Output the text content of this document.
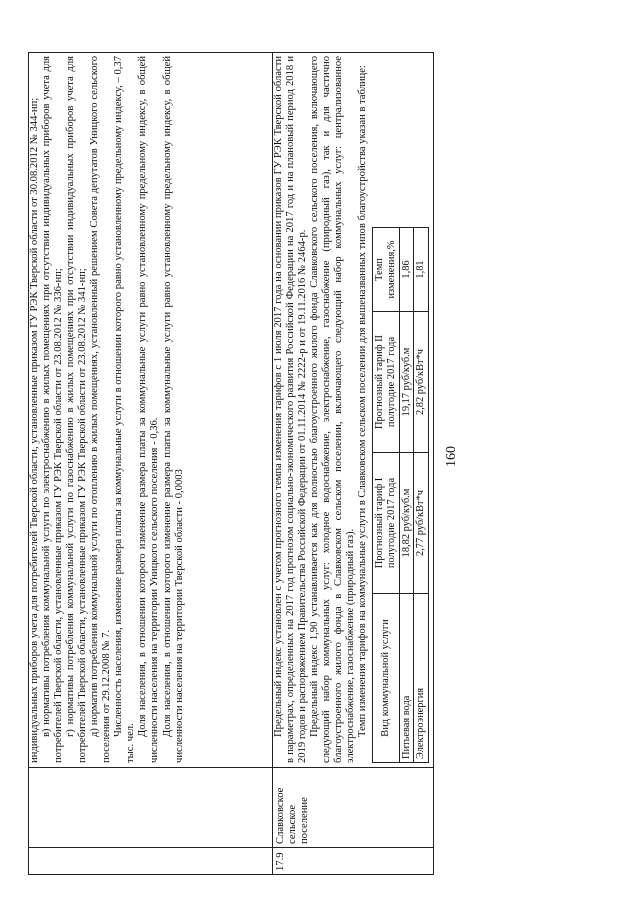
160

индивидуальных приборов учета для потребителей Тверской области, установленные приказом ГУ РЭК Тверской области от 30.08.2012 № 344-нп; в) нормативы потребления коммунальной услуги по электроснабжению в жилых помещениях при отсутствии индивидуальных приборов учета для потребителей Тверской области, установленные приказом ГУ РЭК Тверской области от 23.08.2012 № 336-нп; г) нормативы потребления коммунальной услуги по газоснабжению в жилых помещениях при отсутствии индивидуальных приборов учета для потребителей Тверской области, установленные приказом ГУ РЭК Тверской области от 23.08.2012 № 341-нп; д) норматив потребления коммунальной услуги по отоплению в жилых помещениях, установленный решением Совета депутатов Уницкого сельского поселения от 29.12.2008 № 7. Численность населения, изменение размера платы за коммунальные услуги в отношении которого равно установленному предельному индексу, – 0,37 тыс. чел.

Доля населения, в отношении которого изменение размера платы за коммунальные услуги равно установленному предельному индексу, в общей численности населения на территории Уницкого сельского поселения - 0,36. Доля населения, в отношении которого изменение размера платы за коммунальные услуги равно установленному предельному индексу, в общей численности населения на территории Тверской области - 0,0003

17.9	Славковское сельское поселение	

Предельный индекс установлен с учетом прогнозного темпа изменения тарифов с 1 июля 2017 года на основании приказов ГУ РЭК Тверской области в параметрах, определенных на 2017 год прогнозом социально-экономического развития Российской Федерации на 2017 год и на плановый период 2018 и 2019 годов и распоряжением Правительства Российской Федерации от 01.11.2014 № 2222-р и от 19.11.2016 № 2464-р. Предельный индекс 1,90 устанавливается как для полностью благоустроенного жилого фонда Славковского сельского поселения, включающего следующий набор коммунальных услуг: холодное водоснабжение, электроснабжение, газоснабжение (природный газ), так и для частично благоустроенного жилого фонда в Славковском сельском поселении, включающего следующий набор коммунальных услуг: централизованное электроснабжение, газоснабжение (природный газ). Темп изменения тарифов на коммунальные услуги в Славковском сельском поселении для вышеназванных типов благоустройства указан в таблице: Вид коммунальной услуги	Прогнозный тариф I полугодие 2017 года	Прогнозный тариф II полугодие 2017 года	Темп изменения,%
Питьевая вода	18,82 руб/куб.м	19,17 руб/куб.м	1,86
Электроэнергия	2,77 руб/кВт*ч	2,82 руб/кВт*ч	1,81
